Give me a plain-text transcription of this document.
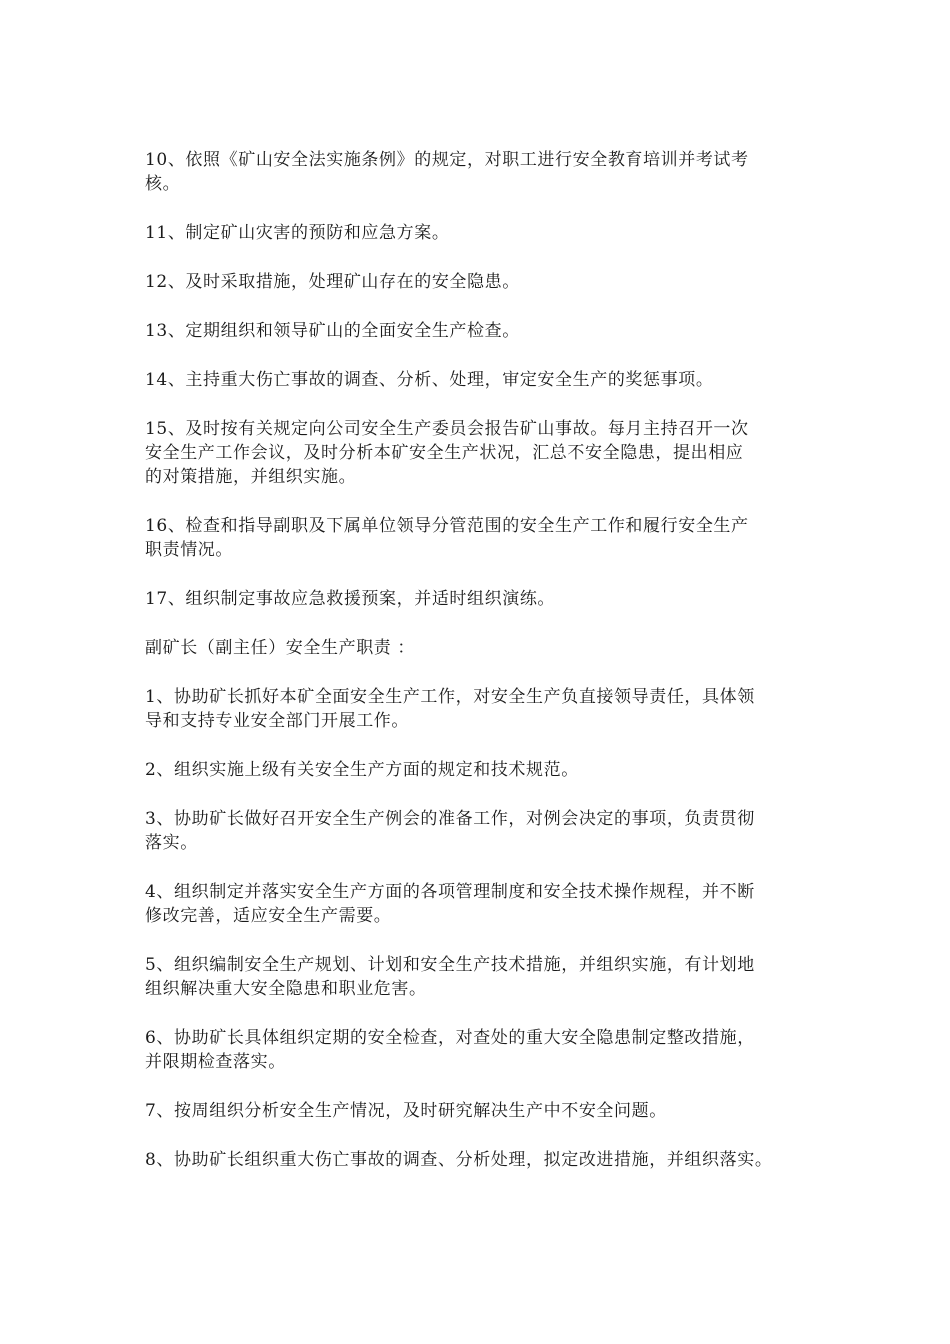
10、依照《矿山安全法实施条例》的规定，对职工进行安全教育培训并考试考
核。

11、制定矿山灾害的预防和应急方案。

12、及时采取措施，处理矿山存在的安全隐患。

13、定期组织和领导矿山的全面安全生产检查。

14、主持重大伤亡事故的调查、分析、处理，审定安全生产的奖惩事项。

15、及时按有关规定向公司安全生产委员会报告矿山事故。每月主持召开一次
安全生产工作会议，及时分析本矿安全生产状况，汇总不安全隐患，提出相应
的对策措施，并组织实施。

16、检查和指导副职及下属单位领导分管范围的安全生产工作和履行安全生产
职责情况。

17、组织制定事故应急救援预案，并适时组织演练。

副矿长（副主任）安全生产职责 ：

1、协助矿长抓好本矿全面安全生产工作，对安全生产负直接领导责任，具体领
导和支持专业安全部门开展工作。

2、组织实施上级有关安全生产方面的规定和技术规范。

3、协助矿长做好召开安全生产例会的准备工作，对例会决定的事项，负责贯彻
落实。

4、组织制定并落实安全生产方面的各项管理制度和安全技术操作规程，并不断
修改完善，适应安全生产需要。

5、组织编制安全生产规划、计划和安全生产技术措施，并组织实施，有计划地
组织解决重大安全隐患和职业危害。

6、协助矿长具体组织定期的安全检查，对查处的重大安全隐患制定整改措施，
并限期检查落实。

7、按周组织分析安全生产情况，及时研究解决生产中不安全问题。

8、协助矿长组织重大伤亡事故的调查、分析处理，拟定改进措施，并组织落实。
